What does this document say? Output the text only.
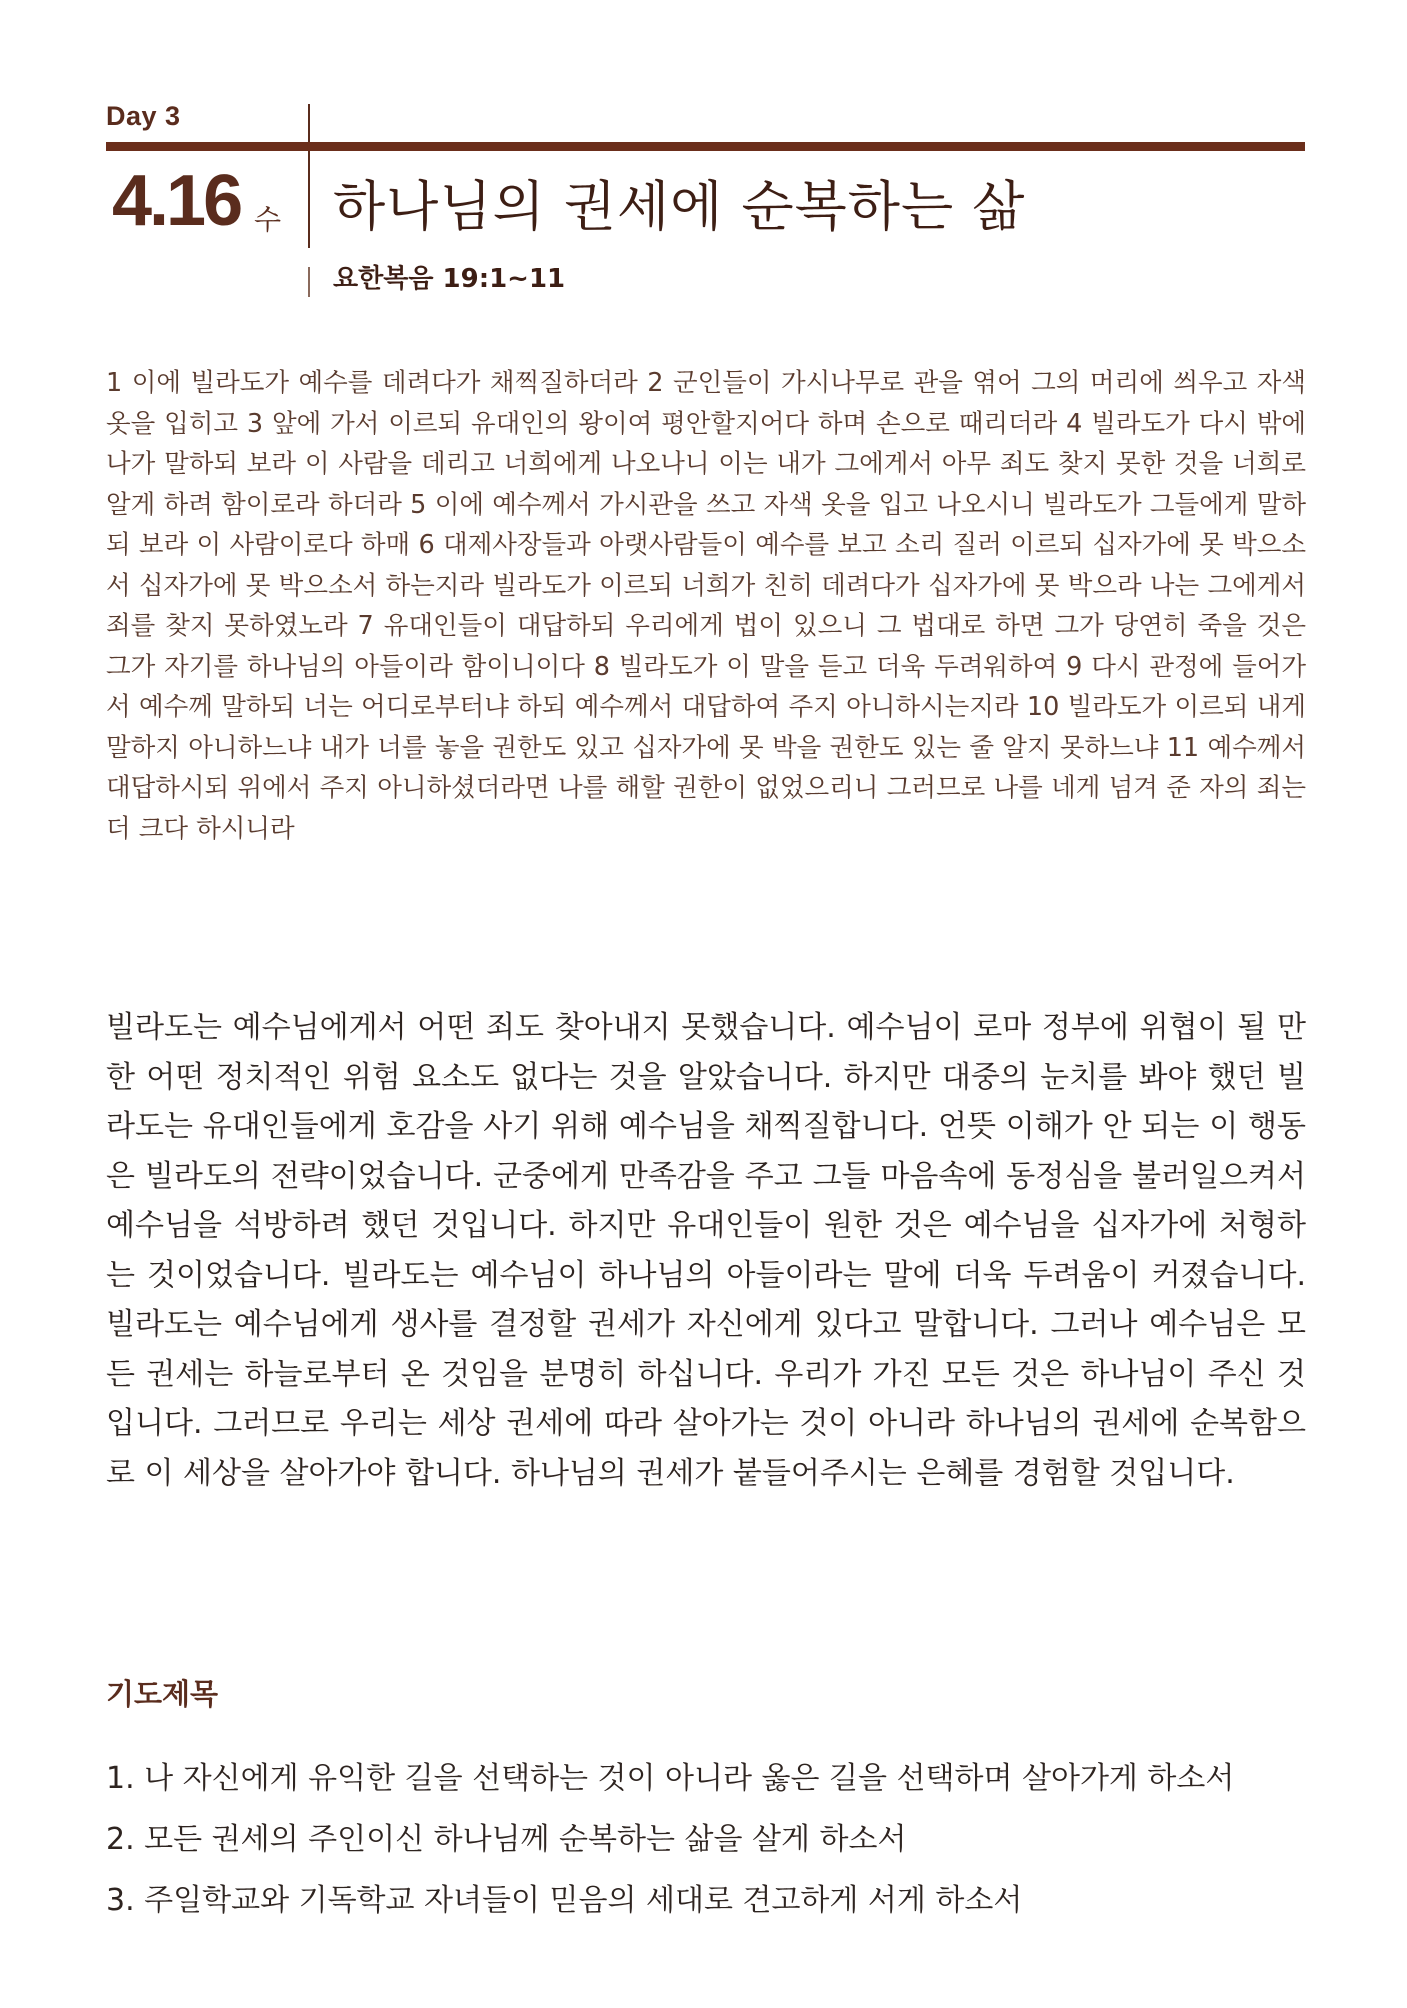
Day 3
4.16 수 하나님의 권세에 순복하는 삶
요한복음 19:1~11

1 이에 빌라도가 예수를 데려다가 채찍질하더라 2 군인들이 가시나무로 관을 엮어 그의 머리에 씌우고 자색 옷을 입히고 3 앞에 가서 이르되 유대인의 왕이여 평안할지어다 하며 손으로 때리더라 4 빌라도가 다시 밖에 나가 말하되 보라 이 사람을 데리고 너희에게 나오나니 이는 내가 그에게서 아무 죄도 찾지 못한 것을 너희로 알게 하려 함이로라 하더라 5 이에 예수께서 가시관을 쓰고 자색 옷을 입고 나오시니 빌라도가 그들에게 말하되 보라 이 사람이로다 하매 6 대제사장들과 아랫사람들이 예수를 보고 소리 질러 이르되 십자가에 못 박으소서 십자가에 못 박으소서 하는지라 빌라도가 이르되 너희가 친히 데려다가 십자가에 못 박으라 나는 그에게서 죄를 찾지 못하였노라 7 유대인들이 대답하되 우리에게 법이 있으니 그 법대로 하면 그가 당연히 죽을 것은 그가 자기를 하나님의 아들이라 함이니이다 8 빌라도가 이 말을 듣고 더욱 두려워하여 9 다시 관정에 들어가서 예수께 말하되 너는 어디로부터냐 하되 예수께서 대답하여 주지 아니하시는지라 10 빌라도가 이르되 내게 말하지 아니하느냐 내가 너를 놓을 권한도 있고 십자가에 못 박을 권한도 있는 줄 알지 못하느냐 11 예수께서 대답하시되 위에서 주지 아니하셨더라면 나를 해할 권한이 없었으리니 그러므로 나를 네게 넘겨 준 자의 죄는 더 크다 하시니라

빌라도는 예수님에게서 어떤 죄도 찾아내지 못했습니다. 예수님이 로마 정부에 위협이 될 만한 어떤 정치적인 위험 요소도 없다는 것을 알았습니다. 하지만 대중의 눈치를 봐야 했던 빌라도는 유대인들에게 호감을 사기 위해 예수님을 채찍질합니다. 언뜻 이해가 안 되는 이 행동은 빌라도의 전략이었습니다. 군중에게 만족감을 주고 그들 마음속에 동정심을 불러일으켜서 예수님을 석방하려 했던 것입니다. 하지만 유대인들이 원한 것은 예수님을 십자가에 처형하는 것이었습니다. 빌라도는 예수님이 하나님의 아들이라는 말에 더욱 두려움이 커졌습니다. 빌라도는 예수님에게 생사를 결정할 권세가 자신에게 있다고 말합니다. 그러나 예수님은 모든 권세는 하늘로부터 온 것임을 분명히 하십니다. 우리가 가진 모든 것은 하나님이 주신 것입니다. 그러므로 우리는 세상 권세에 따라 살아가는 것이 아니라 하나님의 권세에 순복함으로 이 세상을 살아가야 합니다. 하나님의 권세가 붙들어주시는 은혜를 경험할 것입니다.

기도제목
1. 나 자신에게 유익한 길을 선택하는 것이 아니라 옳은 길을 선택하며 살아가게 하소서
2. 모든 권세의 주인이신 하나님께 순복하는 삶을 살게 하소서
3. 주일학교와 기독학교 자녀들이 믿음의 세대로 견고하게 서게 하소서
